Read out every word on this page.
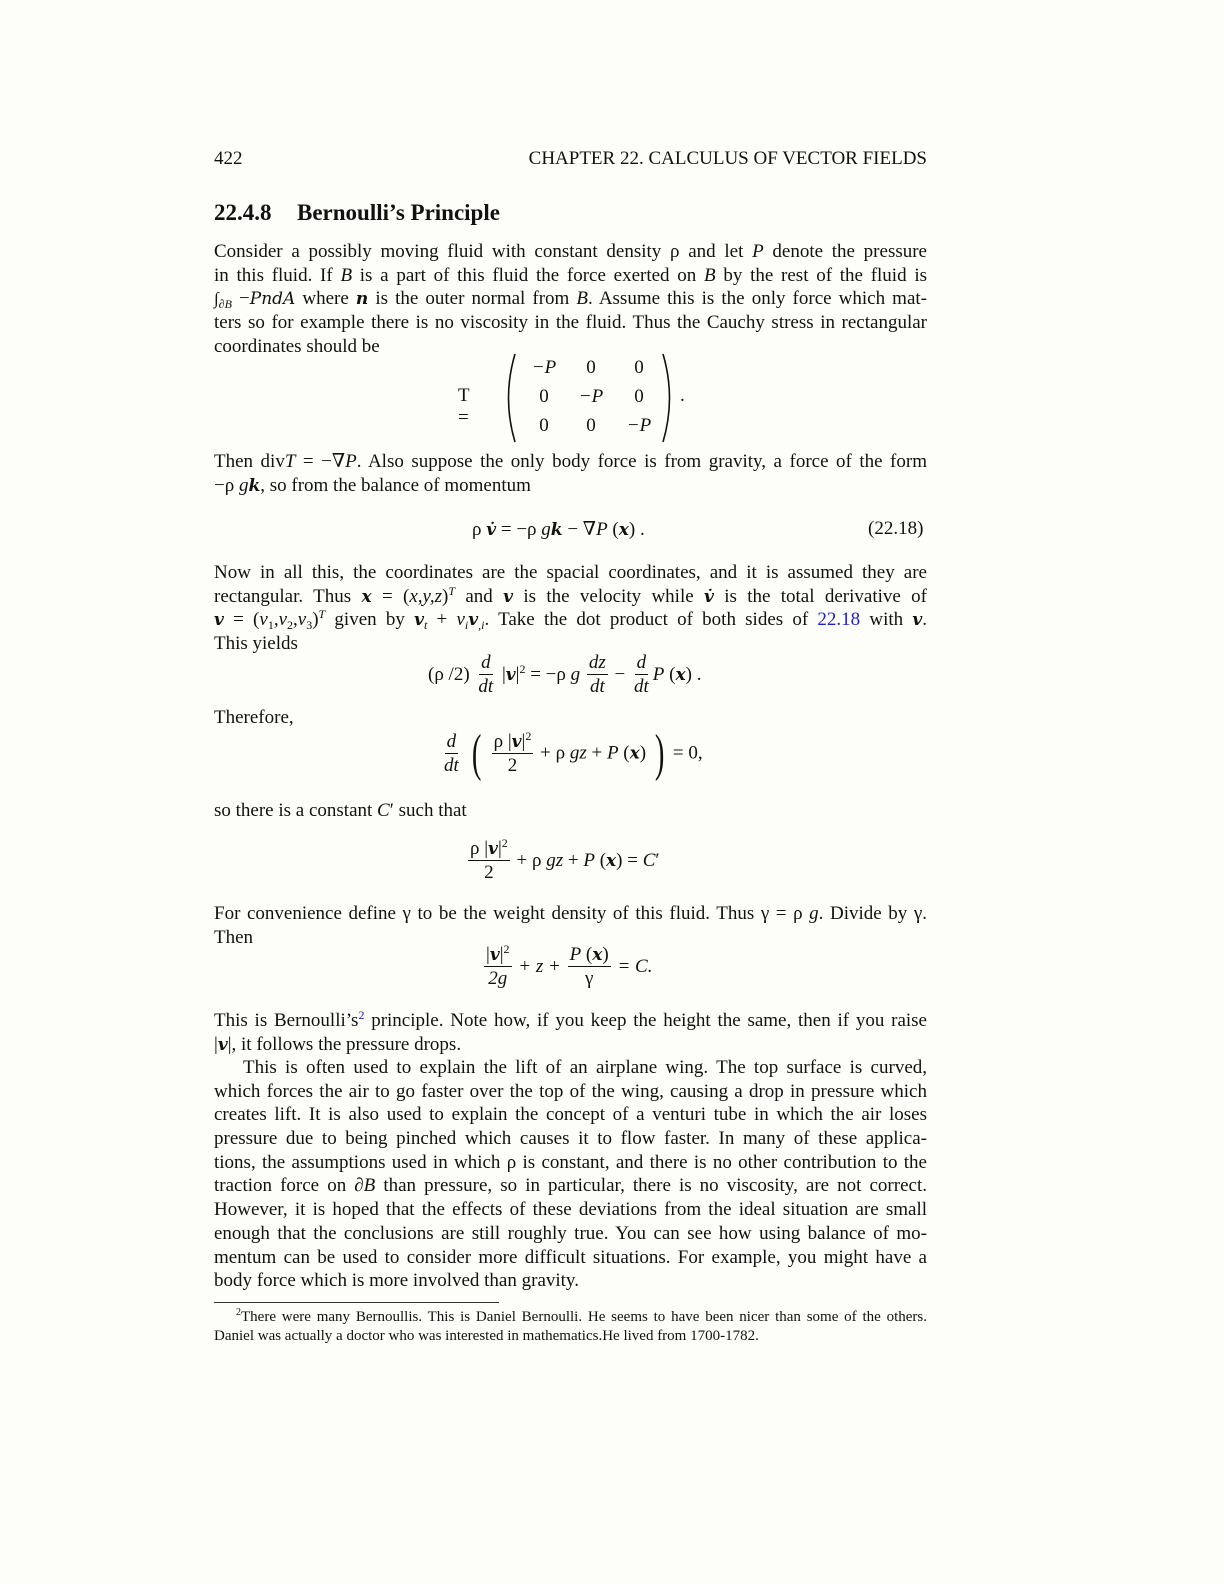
422	CHAPTER 22. CALCULUS OF VECTOR FIELDS
22.4.8 Bernoulli’s Principle
Consider a possibly moving fluid with constant density ρ and let P denote the pressure
in this fluid. If B is a part of this fluid the force exerted on B by the rest of the fluid is
$\int_{\partial B}$ −PndA where n is the outer normal from B. Assume this is the only force which mat-
ters so for example there is no viscosity in the fluid. Thus the Cauchy stress in rectangular
coordinates should be
T =
−P	0	0
0	−P	0
0	0	−P
.
Then divT = −∇P. Also suppose the only body force is from gravity, a force of the form
−ρ gk, so from the balance of momentum
ρ v̇ = −ρ gk − ∇P (x) .	(22.18)
Now in all this, the coordinates are the spacial coordinates, and it is assumed they are
rectangular. Thus $x = (x,y,z)^T$ and v is the velocity while v̇ is the total derivative of
$v = (v_1,v_2,v_3)^T$ given by $v_t + v_iv_{,i}$. Take the dot product of both sides of 22.18 with v.
This yields
(ρ $/2) \frac{d}{dt} |v|^2 = -\rho$ g $\frac{dz}{dt} - \frac{d}{dt}$ P (x) .
Therefore,
$\frac{d}{dt}$ ( $\frac{\rho |v|^2}{2} + \rho$ gz + P (x) ) = 0,
so there is a constant C′ such that
$\frac{\rho |v|^2}{2} + \rho$ gz + P (x) = C′
For convenience define γ to be the weight density of this fluid. Thus γ = ρ g. Divide by γ.
Then
$\frac{|v|^2}{2g} + z + \frac{P (x)}{\gamma} = C$.
This is $Bernoulli’s^2$ principle. Note how, if you keep the height the same, then if you raise
|v|, it follows the pressure drops.
This is often used to explain the lift of an airplane wing. The top surface is curved,
which forces the air to go faster over the top of the wing, causing a drop in pressure which
creates lift. It is also used to explain the concept of a venturi tube in which the air loses
pressure due to being pinched which causes it to flow faster. In many of these applica-
tions, the assumptions used in which ρ is constant, and there is no other contribution to the
traction force on ∂B than pressure, so in particular, there is no viscosity, are not correct.
However, it is hoped that the effects of these deviations from the ideal situation are small
enough that the conclusions are still roughly true. You can see how using balance of mo-
mentum can be used to consider more difficult situations. For example, you might have a
body force which is more involved than gravity.
$^2$There were many Bernoullis. This is Daniel Bernoulli. He seems to have been nicer than some of the others.
Daniel was actually a doctor who was interested in mathematics.He lived from 1700-1782.
